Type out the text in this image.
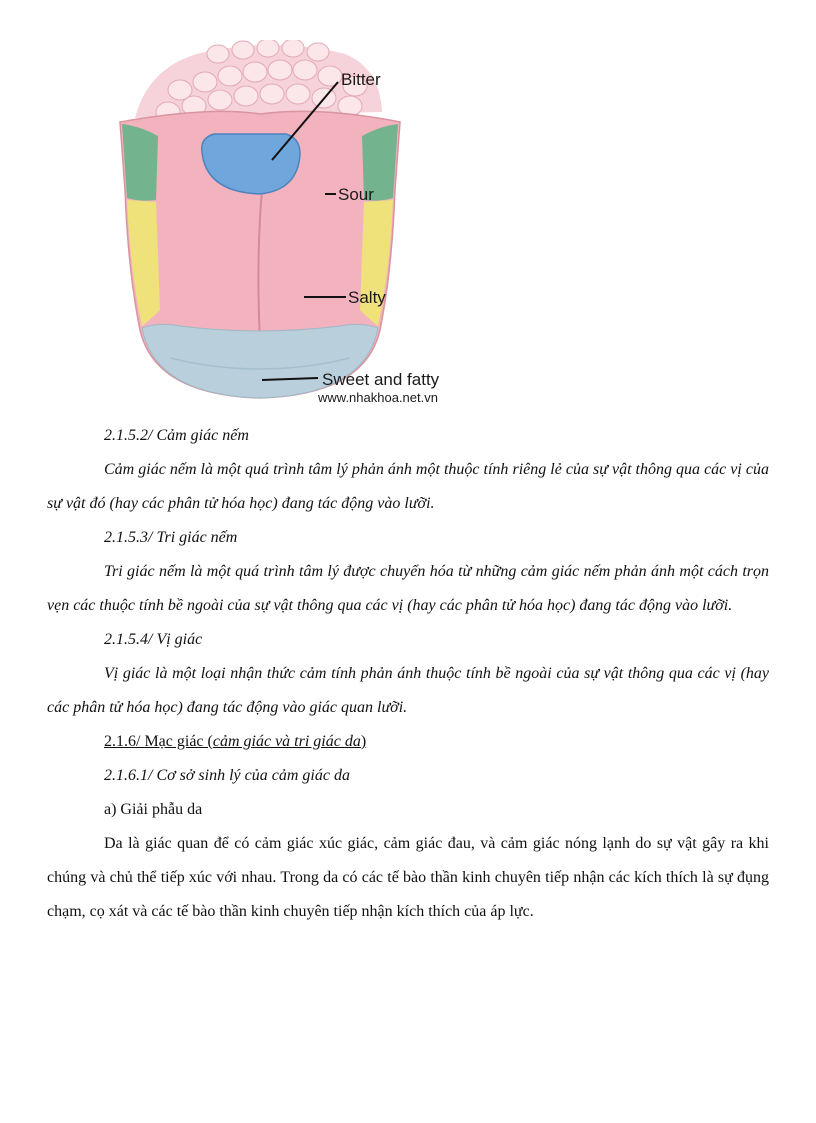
Bitter
Sour
Salty
Sweet and fatty
www.nhakhoa.net.vn

2.1.5.2/ Cảm giác nếm

Cảm giác nếm là một quá trình tâm lý phản ánh một thuộc tính riêng lẻ của sự vật thông qua các vị của sự vật đó (hay các phân tử hóa học) đang tác động vào lưỡi.

2.1.5.3/ Tri giác nếm

Tri giác nếm là một quá trình tâm lý được chuyển hóa từ những cảm giác nếm phản ánh một cách trọn vẹn các thuộc tính bề ngoài của sự vật thông qua các vị (hay các phân tử hóa học) đang tác động vào lưỡi.

2.1.5.4/ Vị giác

Vị giác là một loại nhận thức cảm tính phản ánh thuộc tính bề ngoài của sự vật thông qua các vị (hay các phân tử hóa học) đang tác động vào giác quan lưỡi.

2.1.6/ Mạc giác (cảm giác và tri giác da)

2.1.6.1/ Cơ sở sinh lý của cảm giác da

a) Giải phẫu da

Da là giác quan để có cảm giác xúc giác, cảm giác đau, và cảm giác nóng lạnh do sự vật gây ra khi chúng và chủ thể tiếp xúc với nhau. Trong da có các tế bào thần kinh chuyên tiếp nhận các kích thích là sự đụng chạm, cọ xát và các tế bào thần kinh chuyên tiếp nhận kích thích của áp lực.
